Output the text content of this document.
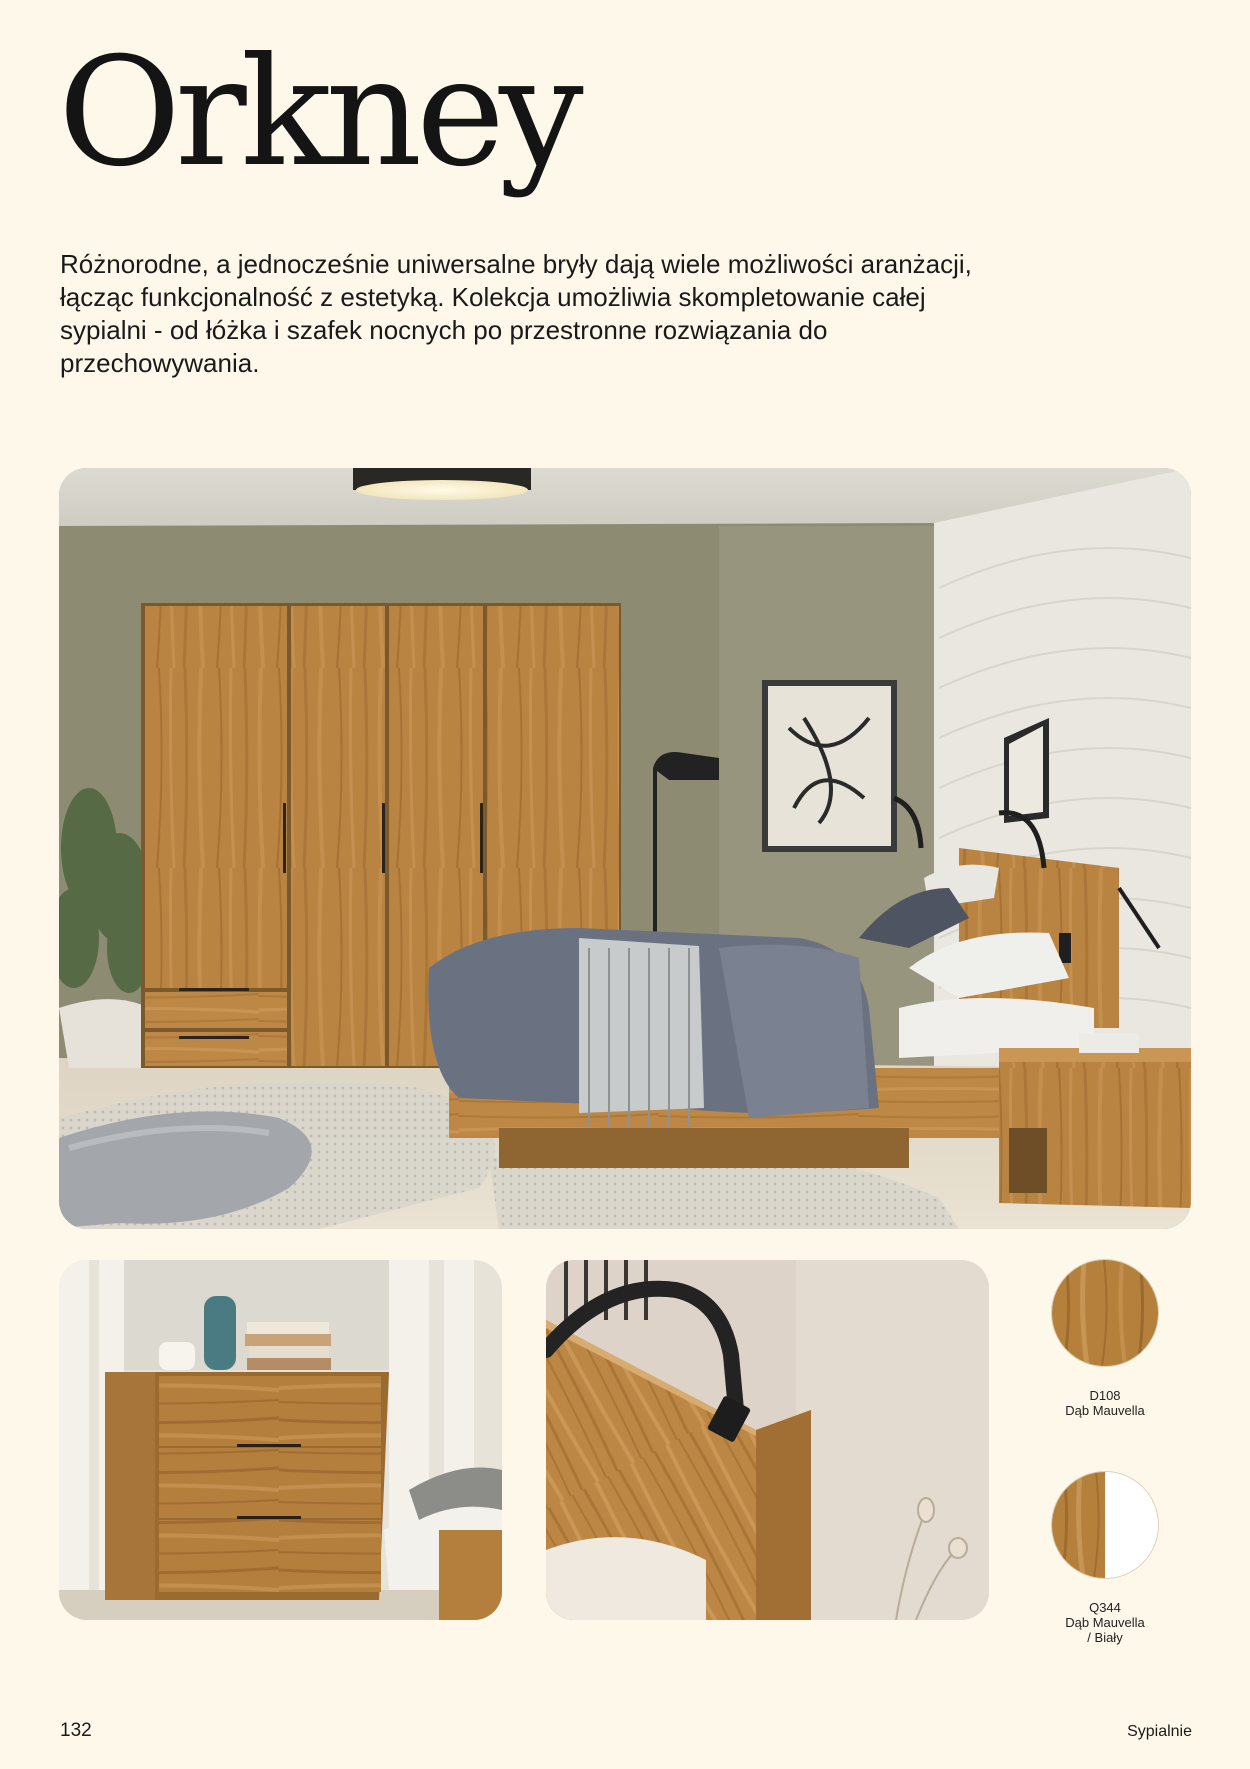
Orkney

Różnorodne, a jednocześnie uniwersalne bryły dają wiele możliwości aranżacji, łącząc funkcjonalność z estetyką. Kolekcja umożliwia skompletowanie całej sypialni - od łóżka i szafek nocnych po przestronne rozwiązania do przechowywania.

D108
Dąb Mauvella
Q344
Dąb Mauvella
/ Biały
132	Sypialnie
